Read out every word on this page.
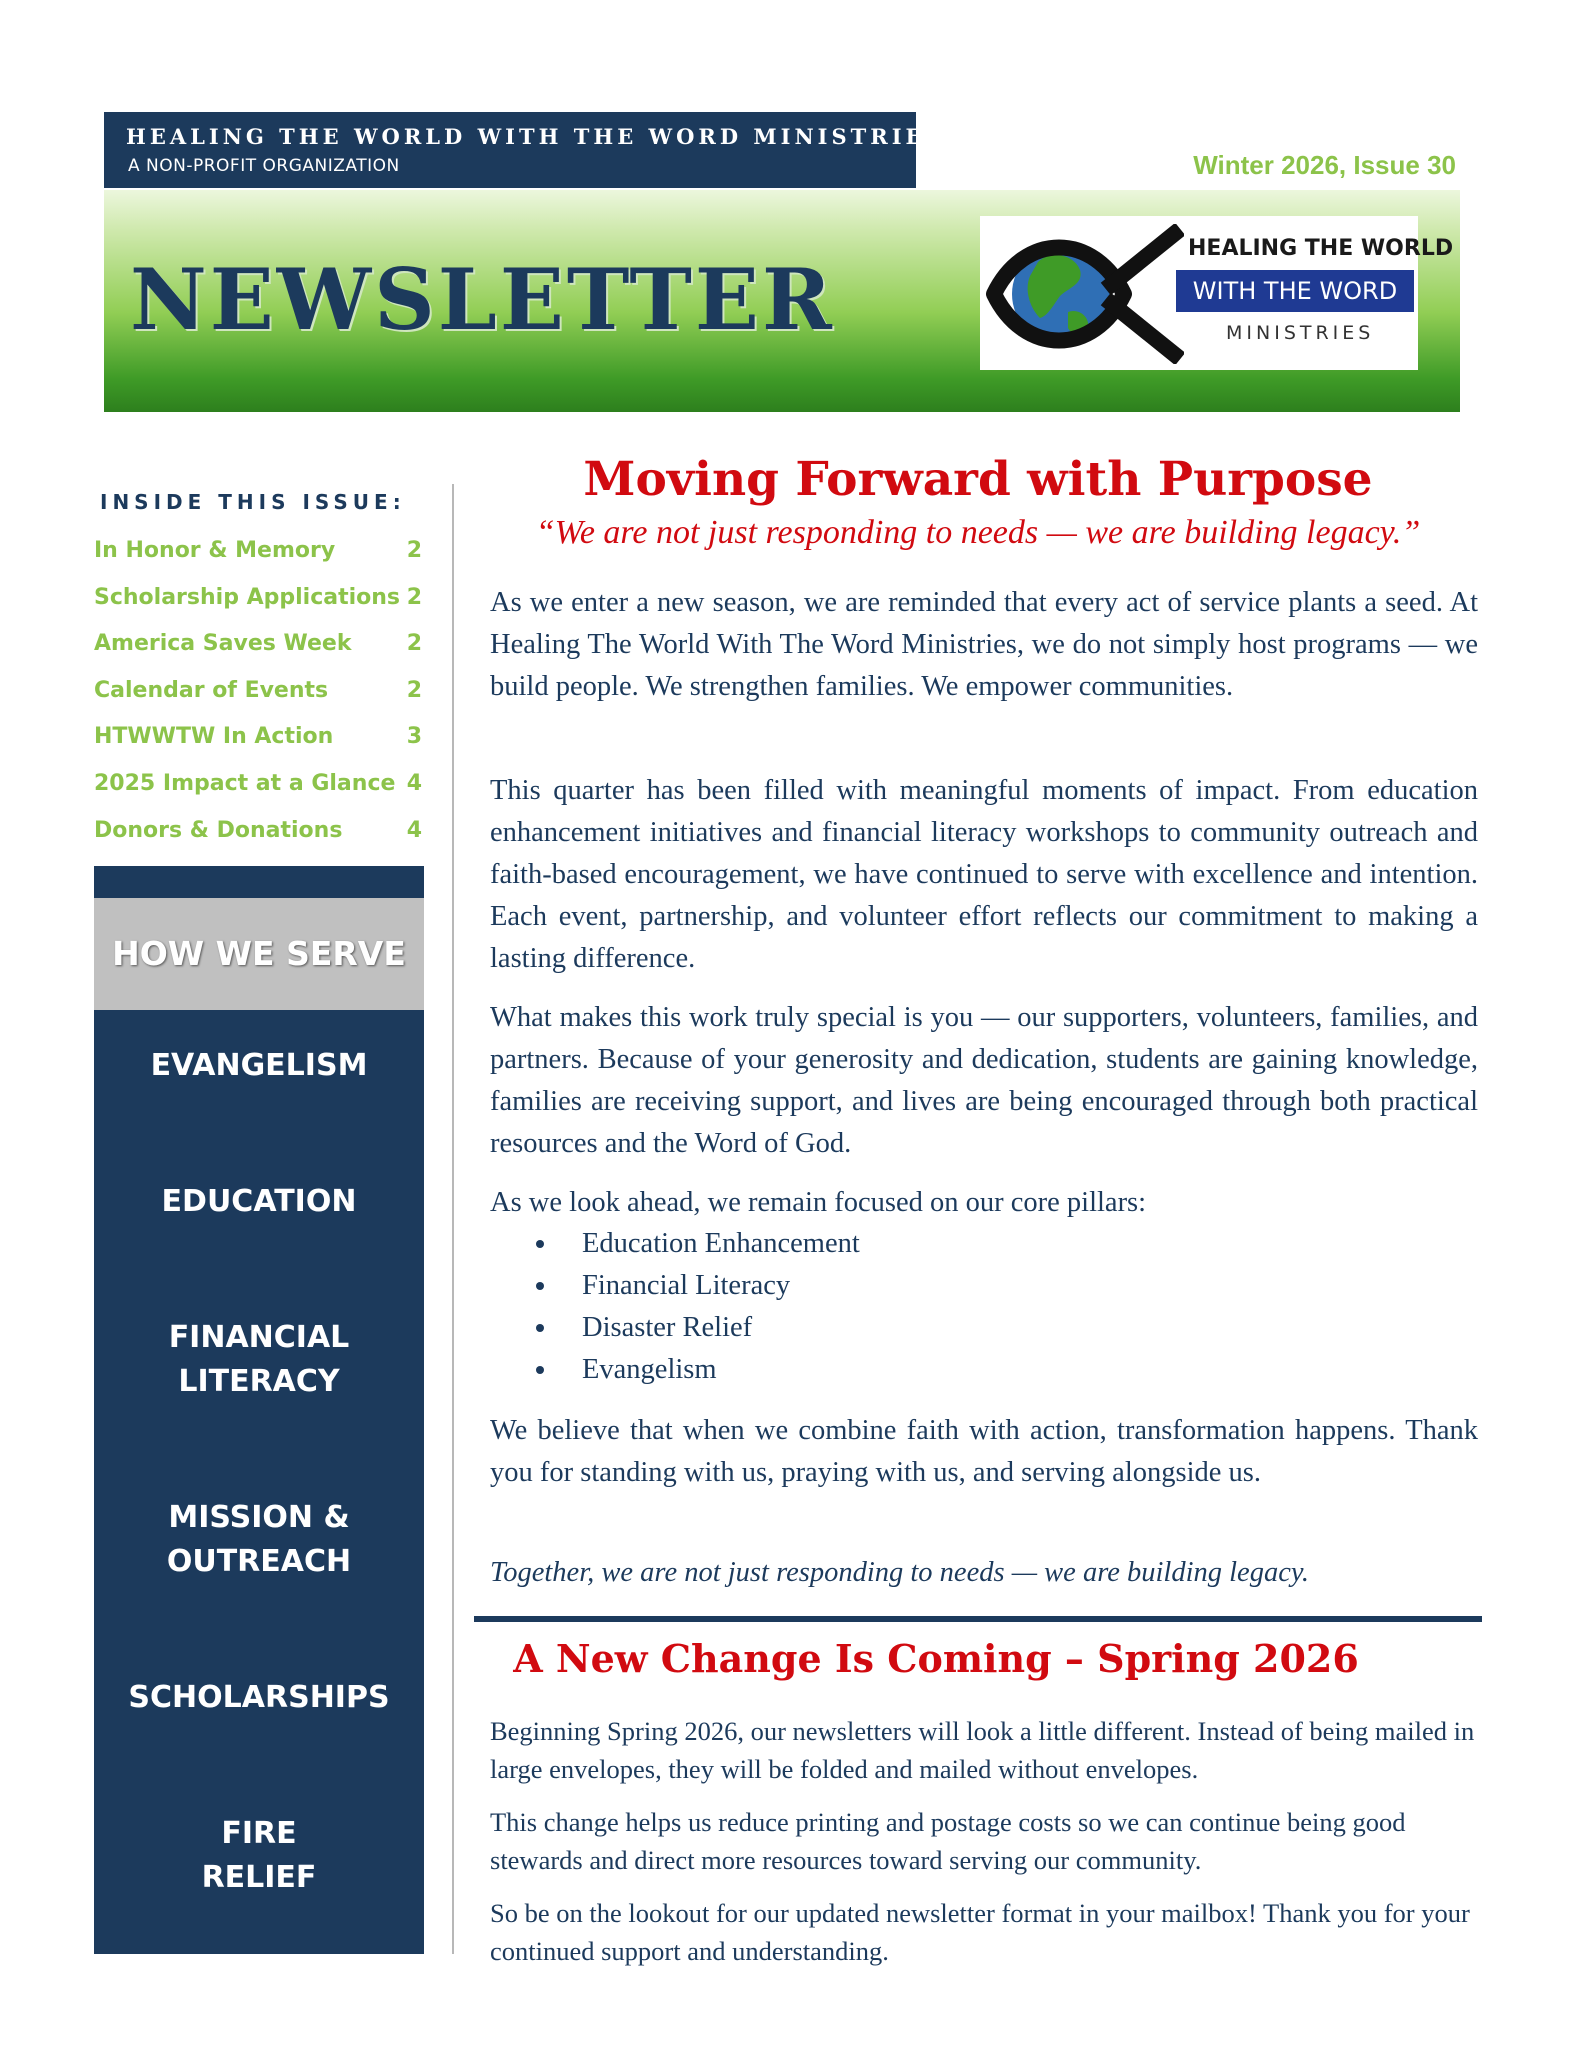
HEALING THE WORLD WITH THE WORD MINISTRIES
A NON-PROFIT ORGANIZATION	Winter 2026, Issue 30
NEWSLETTER
HEALING THE WORLD
WITH THE WORD
MINISTRIES
INSIDE THIS ISSUE:
In Honor & Memory	2
Scholarship Applications 2
America Saves Week	2
Calendar of Events	2
HTWWTW In Action	3
2025 Impact at a Glance 4
Donors & Donations	4
HOW WE SERVE
EVANGELISM
EDUCATION
FINANCIAL
LITERACY
MISSION &
OUTREACH
SCHOLARSHIPS
FIRE
RELIEF
Moving Forward with Purpose
“We are not just responding to needs — we are building legacy.”

As we enter a new season, we are reminded that every act of service plants a seed. At Healing The World With The Word Ministries, we do not simply host programs — we build people. We strengthen families. We empower communities.

This quarter has been filled with meaningful moments of impact. From education enhancement initiatives and financial literacy workshops to community outreach and faith-based encouragement, we have continued to serve with excellence and intention. Each event, partnership, and volunteer effort reflects our commitment to making a lasting difference.

What makes this work truly special is you — our supporters, volunteers, families, and partners. Because of your generosity and dedication, students are gaining knowledge, families are receiving support, and lives are being encouraged through both practical resources and the Word of God.

As we look ahead, we remain focused on our core pillars:

Education Enhancement
Financial Literacy
Disaster Relief
Evangelism

We believe that when we combine faith with action, transformation happens. Thank you for standing with us, praying with us, and serving alongside us.

Together, we are not just responding to needs — we are building legacy.

A New Change Is Coming – Spring 2026

Beginning Spring 2026, our newsletters will look a little different. Instead of being mailed in large envelopes, they will be folded and mailed without envelopes.

This change helps us reduce printing and postage costs so we can continue being good stewards and direct more resources toward serving our community.

So be on the lookout for our updated newsletter format in your mailbox! Thank you for your continued support and understanding.
